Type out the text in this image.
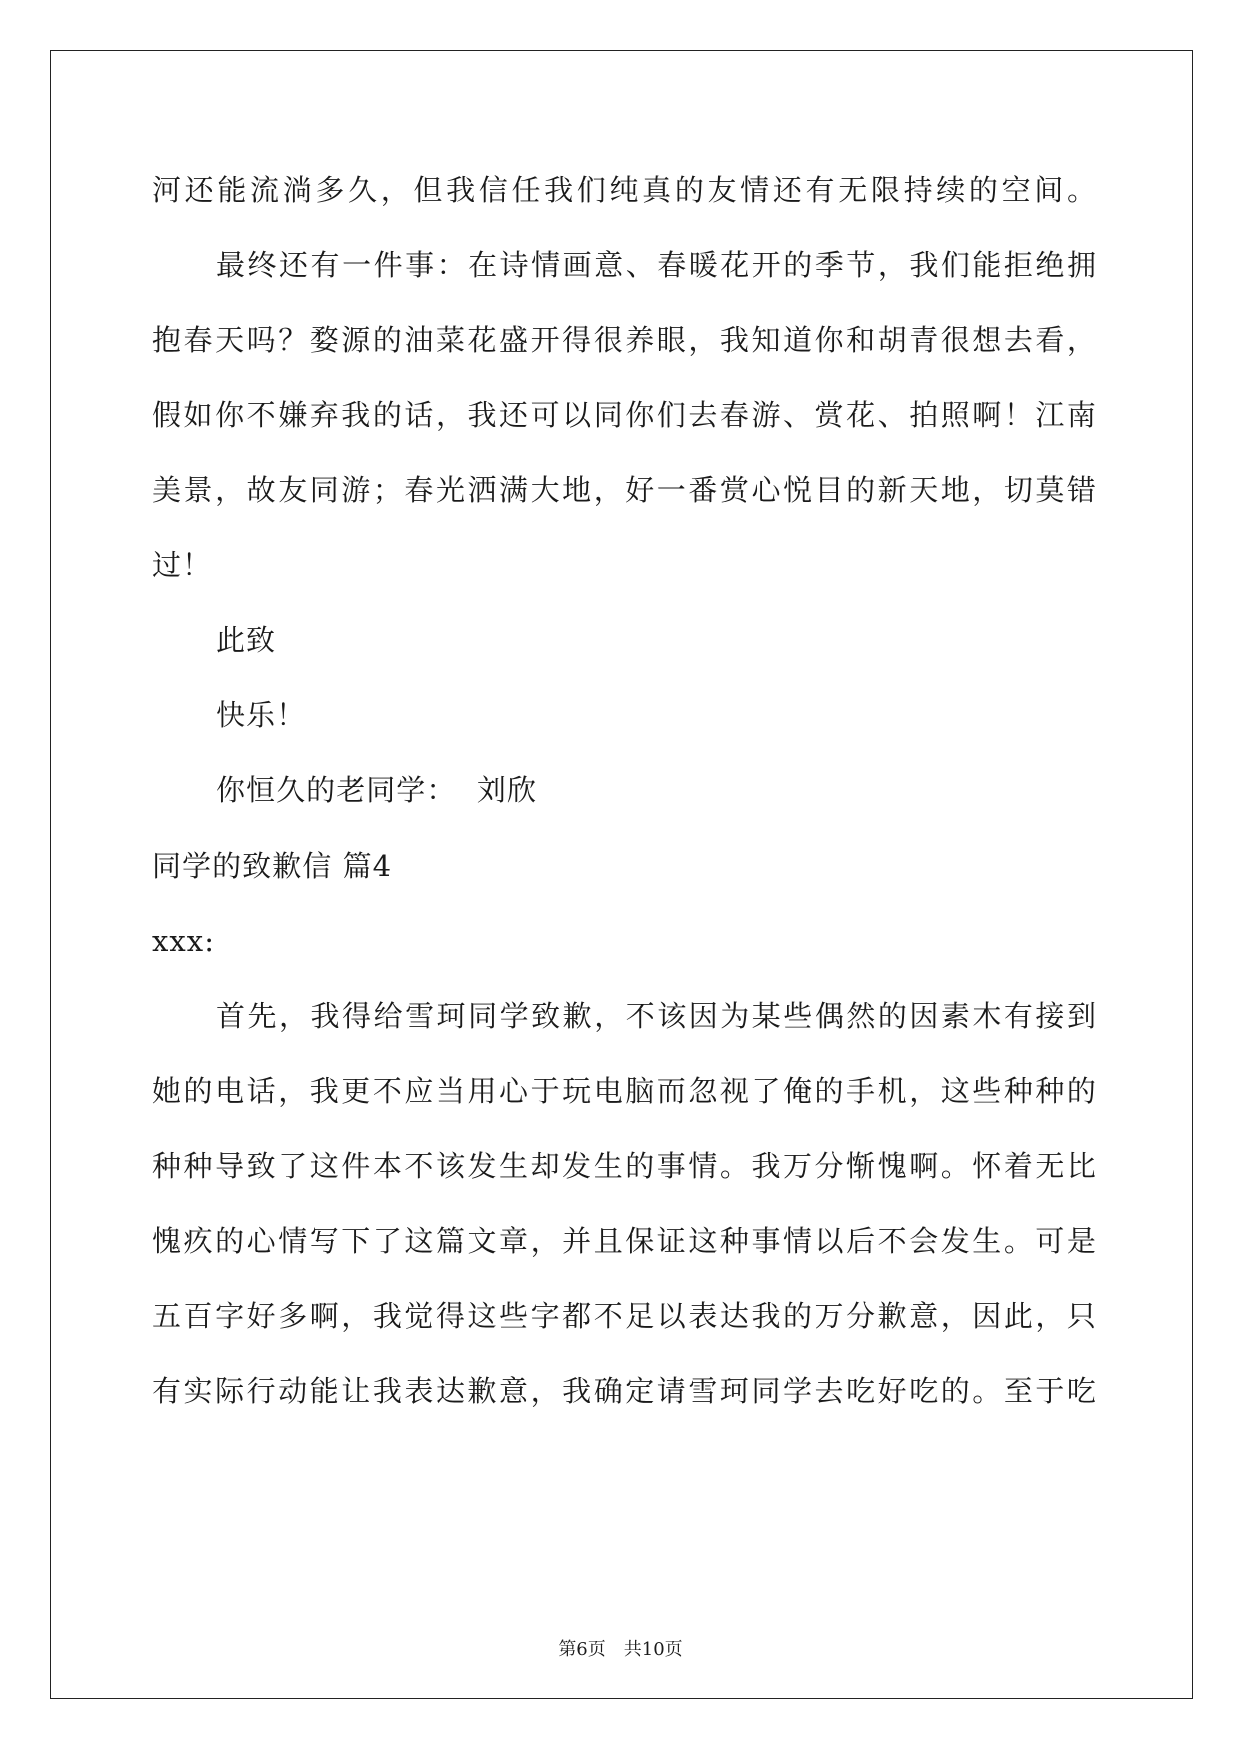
河还能流淌多久，但我信任我们纯真的友情还有无限持续的空间。
最终还有一件事：在诗情画意、春暖花开的季节，我们能拒绝拥
抱春天吗？婺源的油菜花盛开得很养眼，我知道你和胡青很想去看，
假如你不嫌弃我的话，我还可以同你们去春游、赏花、拍照啊！江南
美景，故友同游；春光洒满大地，好一番赏心悦目的新天地，切莫错
过！
此致
快乐！
你恒久的老同学：  刘欣
同学的致歉信 篇4
xxx:
首先，我得给雪珂同学致歉，不该因为某些偶然的因素木有接到
她的电话，我更不应当用心于玩电脑而忽视了俺的手机，这些种种的
种种导致了这件本不该发生却发生的事情。我万分惭愧啊。怀着无比
愧疚的心情写下了这篇文章，并且保证这种事情以后不会发生。可是
五百字好多啊，我觉得这些字都不足以表达我的万分歉意，因此，只
有实际行动能让我表达歉意，我确定请雪珂同学去吃好吃的。至于吃
第6页 共10页
